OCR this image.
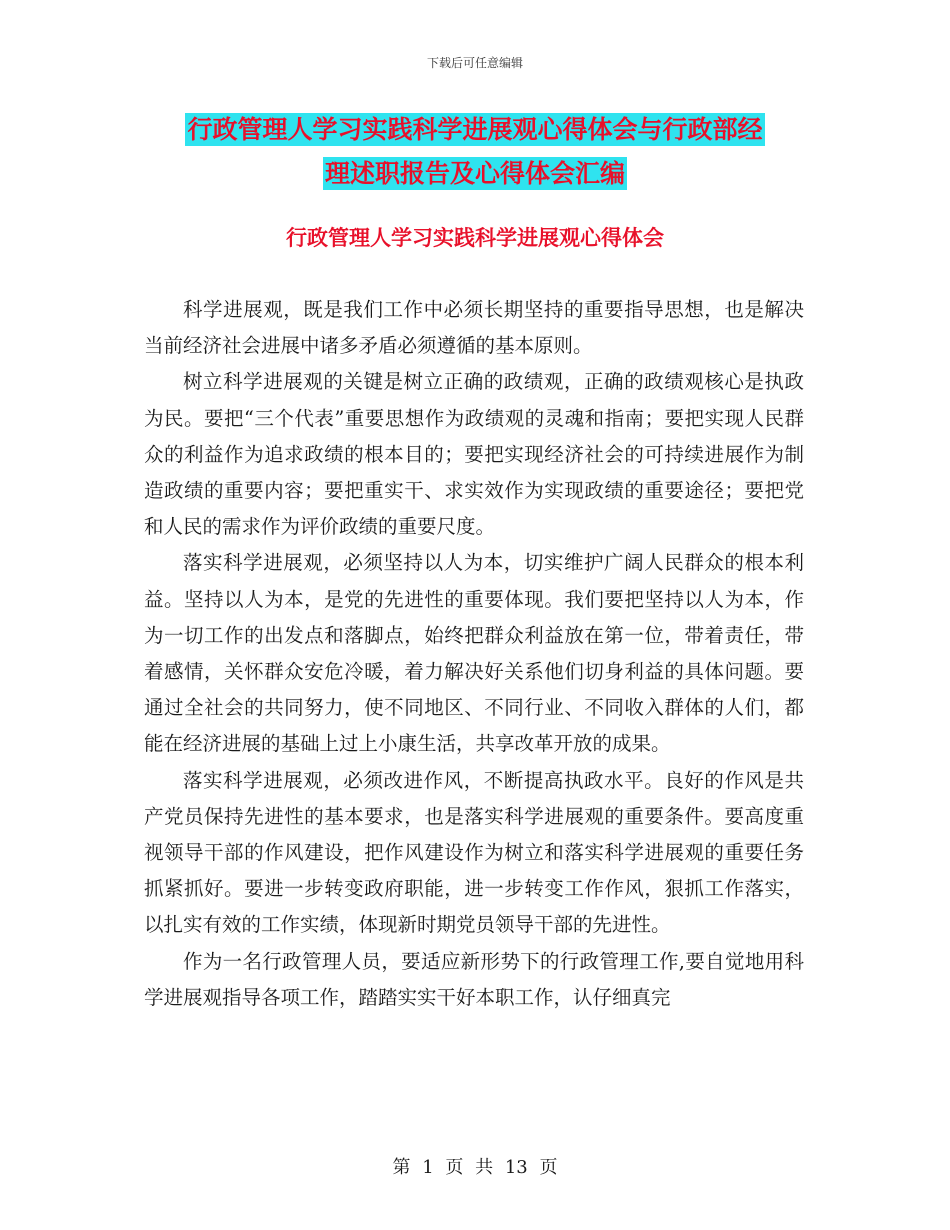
下载后可任意编辑
行政管理人学习实践科学进展观心得体会与行政部经
理述职报告及心得体会汇编
行政管理人学习实践科学进展观心得体会

科学进展观，既是我们工作中必须长期坚持的重要指导思想，也是解决当前经济社会进展中诸多矛盾必须遵循的基本原则。

树立科学进展观的关键是树立正确的政绩观，正确的政绩观核心是执政为民。要把“三个代表”重要思想作为政绩观的灵魂和指南；要把实现人民群众的利益作为追求政绩的根本目的；要把实现经济社会的可持续进展作为制造政绩的重要内容；要把重实干、求实效作为实现政绩的重要途径；要把党和人民的需求作为评价政绩的重要尺度。

落实科学进展观，必须坚持以人为本，切实维护广阔人民群众的根本利益。坚持以人为本，是党的先进性的重要体现。我们要把坚持以人为本，作为一切工作的出发点和落脚点，始终把群众利益放在第一位，带着责任，带着感情，关怀群众安危冷暖，着力解决好关系他们切身利益的具体问题。要通过全社会的共同努力，使不同地区、不同行业、不同收入群体的人们，都能在经济进展的基础上过上小康生活，共享改革开放的成果。

落实科学进展观，必须改进作风，不断提高执政水平。良好的作风是共产党员保持先进性的基本要求，也是落实科学进展观的重要条件。要高度重视领导干部的作风建设，把作风建设作为树立和落实科学进展观的重要任务抓紧抓好。要进一步转变政府职能，进一步转变工作作风，狠抓工作落实，以扎实有效的工作实绩，体现新时期党员领导干部的先进性。

作为一名行政管理人员，要适应新形势下的行政管理工作,要自觉地用科学进展观指导各项工作，踏踏实实干好本职工作，认仔细真完

第 1 页 共 13 页
